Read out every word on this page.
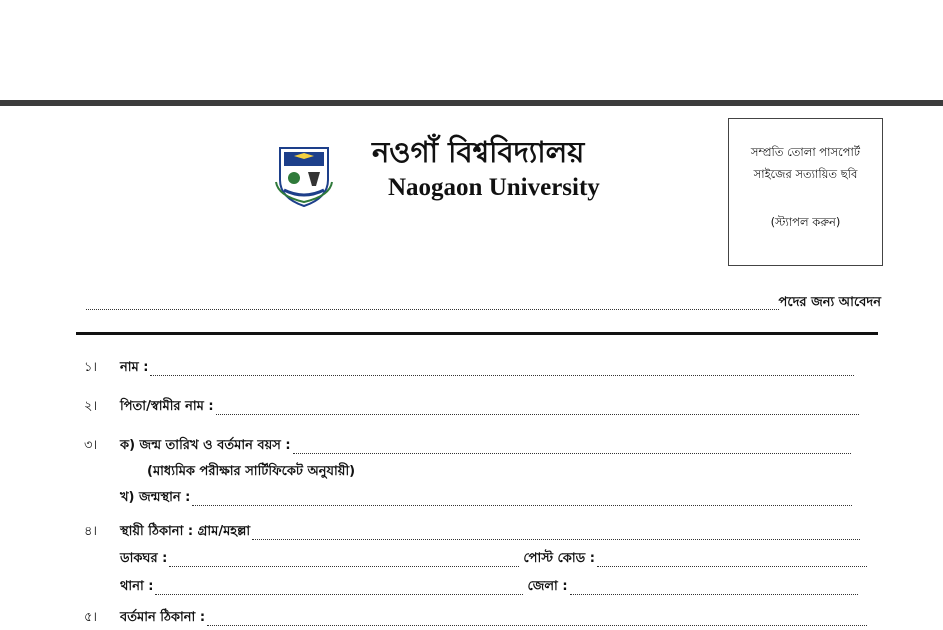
নওগাঁ বিশ্ববিদ্যালয়
Naogaon University
সম্প্রতি তোলা পাসপোর্ট
সাইজের সত্যায়িত ছবি
(স্ট্যাপল করুন)
পদের জন্য আবেদন
১।	নাম :
২।	পিতা/স্বামীর নাম :
৩।	ক) জন্ম তারিখ ও বর্তমান বয়স :
(মাধ্যমিক পরীক্ষার সার্টিফিকেট অনুযায়ী)
খ) জন্মস্থান :
৪।	স্থায়ী ঠিকানা : গ্রাম/মহল্লা
ডাকঘর :	পোস্ট কোড :
থানা :	জেলা :
৫।	বর্তমান ঠিকানা :
